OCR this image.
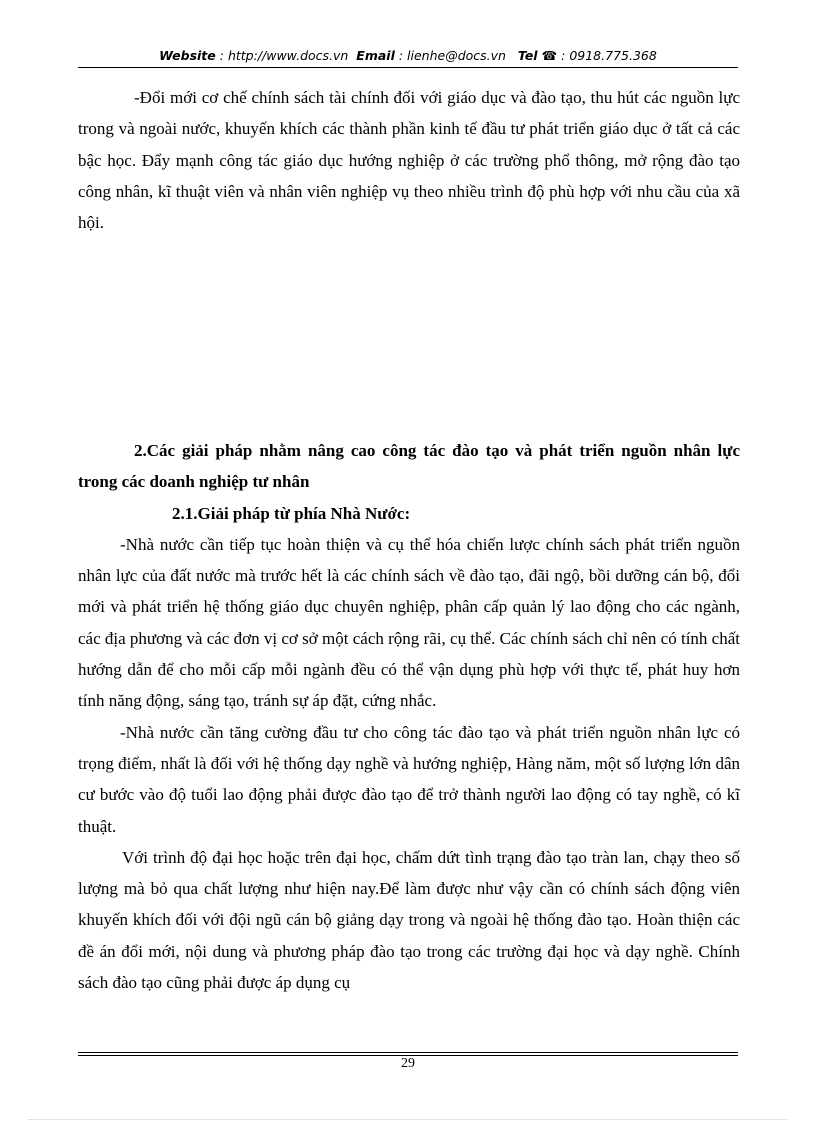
Website : http://www.docs.vn Email : lienhe@docs.vn Tel ☎ : 0918.775.368

-Đổi mới cơ chế chính sách tài chính đối với giáo dục và đào tạo, thu hút các nguồn lực trong và ngoài nước, khuyến khích các thành phần kinh tế đầu tư phát triển giáo dục ở tất cả các bậc học. Đẩy mạnh công tác giáo dục hướng nghiệp ở các trường phổ thông, mở rộng đào tạo công nhân, kĩ thuật viên và nhân viên nghiệp vụ theo nhiều trình độ phù hợp với nhu cầu của xã hội.

2.Các giải pháp nhằm nâng cao công tác đào tạo và phát triển nguồn nhân lực trong các doanh nghiệp tư nhân

2.1.Giải pháp từ phía Nhà Nước:

-Nhà nước cần tiếp tục hoàn thiện và cụ thể hóa chiến lược chính sách phát triển nguồn nhân lực của đất nước mà trước hết là các chính sách về đào tạo, đãi ngộ, bồi dưỡng cán bộ, đổi mới và phát triển hệ thống giáo dục chuyên nghiệp, phân cấp quản lý lao động cho các ngành, các địa phương và các đơn vị cơ sở một cách rộng rãi, cụ thể. Các chính sách chỉ nên có tính chất hướng dẫn để cho mỗi cấp mỗi ngành đều có thể vận dụng phù hợp với thực tế, phát huy hơn tính năng động, sáng tạo, tránh sự áp đặt, cứng nhắc.

-Nhà nước cần tăng cường đầu tư cho công tác đào tạo và phát triển nguồn nhân lực có trọng điểm, nhất là đối với hệ thống dạy nghề và hướng nghiệp, Hàng năm, một số lượng lớn dân cư bước vào độ tuổi lao động phải được đào tạo để trở thành người lao động có tay nghề, có kĩ thuật.

Với trình độ đại học hoặc trên đại học, chấm dứt tình trạng đào tạo tràn lan, chạy theo số lượng mà bỏ qua chất lượng như hiện nay.Để làm được như vậy cần có chính sách động viên khuyến khích đối với đội ngũ cán bộ giảng dạy trong và ngoài hệ thống đào tạo. Hoàn thiện các đề án đổi mới, nội dung và phương pháp đào tạo trong các trường đại học và dạy nghề. Chính sách đào tạo cũng phải được áp dụng cụ

29
